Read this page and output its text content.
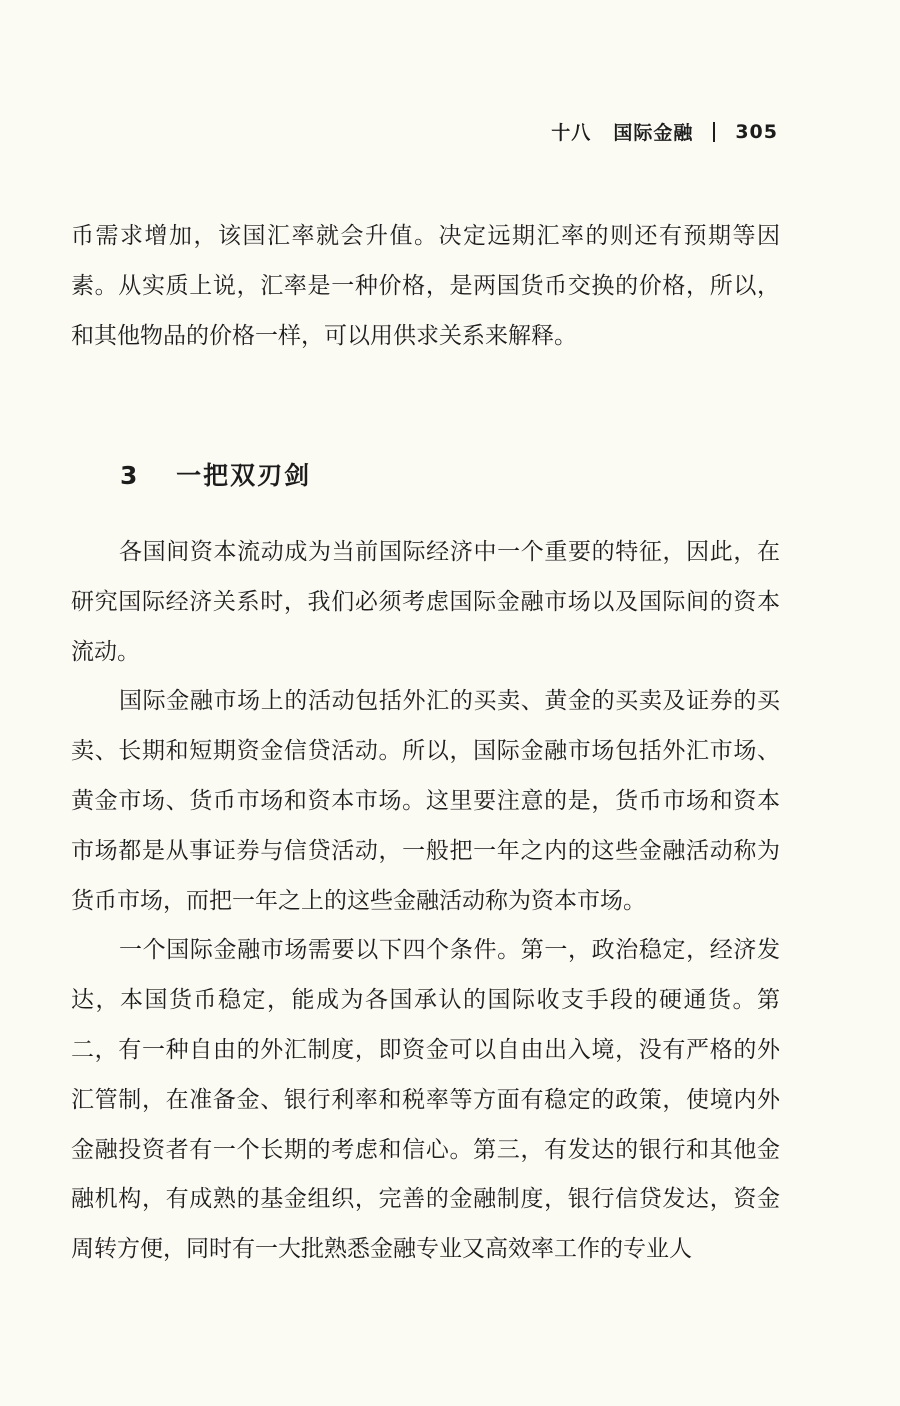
十八 国际金融 305

币需求增加，该国汇率就会升值。决定远期汇率的则还有预期等因素。从实质上说，汇率是一种价格，是两国货币交换的价格，所以，和其他物品的价格一样，可以用供求关系来解释。

3 一把双刃剑

各国间资本流动成为当前国际经济中一个重要的特征，因此，在研究国际经济关系时，我们必须考虑国际金融市场以及国际间的资本流动。

国际金融市场上的活动包括外汇的买卖、黄金的买卖及证券的买卖、长期和短期资金信贷活动。所以，国际金融市场包括外汇市场、黄金市场、货币市场和资本市场。这里要注意的是，货币市场和资本市场都是从事证券与信贷活动，一般把一年之内的这些金融活动称为货币市场，而把一年之上的这些金融活动称为资本市场。

一个国际金融市场需要以下四个条件。第一，政治稳定，经济发达，本国货币稳定，能成为各国承认的国际收支手段的硬通货。第二，有一种自由的外汇制度，即资金可以自由出入境，没有严格的外汇管制，在准备金、银行利率和税率等方面有稳定的政策，使境内外金融投资者有一个长期的考虑和信心。第三，有发达的银行和其他金融机构，有成熟的基金组织，完善的金融制度，银行信贷发达，资金周转方便，同时有一大批熟悉金融专业又高效率工作的专业人
